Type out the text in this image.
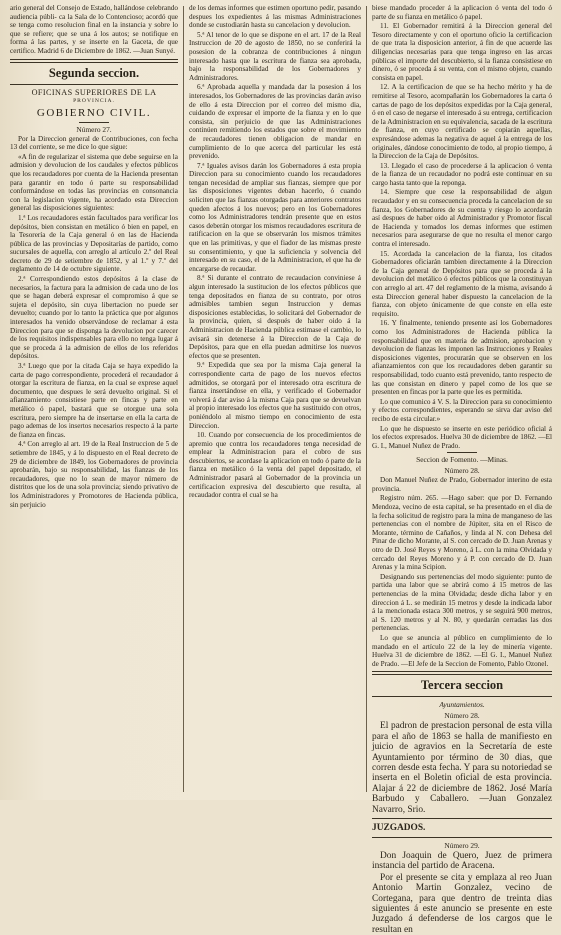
ario general del Consejo de Estado, hallándose celebrando audiencia públi- ca la Sala de lo Contencioso; acordó que se tenga como resolucion final en la instancia y sobre lo que se refiere; que se una á los autos; se notifique en forma á las partes, y se inserte en la Gaceta, de que certifico. Madrid 6 de Diciembre de 1862. —Juan Sunyé.

Segunda seccion.
OFICINAS SUPERIORES DE LA
PROVINCIA.
GOBIERNO CIVIL.
Número 27.

Por la Direccion general de Contribuciones, con fecha 13 del corriente, se me dice lo que sigue:

«A fin de regularizar el sistema que debe seguirse en la admision y devolucion de los caudales y efectos públicos que los recaudadores por cuenta de la Hacienda presentan para garantir en todo ó parte su responsabilidad conformándose en todas las provincias en consonancia con la legislacion vigente, ha acordado esta Direccion general las disposiciones siguientes:

1.ª Los recaudadores están facultados para verificar los depósitos, bien consistan en metálico ó bien en papel, en la Tesorería de la Caja general ó en las de Hacienda pública de las provincias y Depositarías de partido, como sucursales de aquella, con arreglo al artículo 2.º del Real decreto de 29 de setiembre de 1852, y al 1.º y 7.º del reglamento de 14 de octubre siguiente.

2.ª Correspondiendo estos depósitos á la clase de necesarios, la factura para la admision de cada uno de los que se hagan deberá expresar el compromiso á que se sujeta el depósito, sin cuya libertacion no puede ser devuelto; cuando por lo tanto la práctica que por algunos interesados ha venido observándose de reclamar á esta Direccion para que se disponga la devolucion por carecer de los requisitos indispensables para ello no tenga lugar á que se proceda á la admision de ellos de los referidos depósitos.

3.ª Luego que por la citada Caja se haya expedido la carta de pago correspondiente, procederá el recaudador á otorgar la escritura de fianza, en la cual se exprese aquel documento, que despues le será devuelto original. Si el afianzamiento consistiese parte en fincas y parte en metálico ó papel, bastará que se otorgue una sola escritura, pero siempre ha de insertarse en ella la carta de pago ademas de los insertos necesarios respecto á la parte de fianza en fincas.

4.ª Con arreglo al art. 19 de la Real Instruccion de 5 de setiembre de 1845, y á lo dispuesto en el Real decreto de 29 de diciembre de 1849, los Gobernadores de provincia aprobarán, bajo su responsabilidad, las fianzas de los recaudadores, que no lo sean de mayor número de distritos que los de una sola provincia; siendo privativo de los Administradores y Promotores de Hacienda pública, sin perjuicio

de los demas informes que estimen oportuno pedir, pasando despues los expedientes á las mismas Administraciones donde se custodiarán hasta su cancelacion y devolucion.

5.ª Al tenor de lo que se dispone en el art. 17 de la Real Instruccion de 20 de agosto de 1850, no se conferirá la posesion de la cobranza de contribuciones á ningun interesado hasta que la escritura de fianza sea aprobada, bajo la responsabilidad de los Gobernadores y Administradores.

6.ª Aprobada aquella y mandada dar la posesion á los interesados, los Gobernadores de las provincias darán aviso de ello á esta Direccion por el correo del mismo dia, cuidando de expresar el importe de la fianza y en lo que consista, sin perjuicio de que las Administraciones continúen remitiendo los estados que sobre el movimiento de recaudadores tienen obligacion de mandar en cumplimiento de lo que acerca del particular les está prevenido.

7.ª Iguales avisos darán los Gobernadores á esta propia Direccion para su conocimiento cuando los recaudadores tengan necesidad de ampliar sus fianzas, siempre que por las disposiciones vigentes deban hacerlo, ó cuando soliciten que las fianzas otorgadas para anteriores contratos queden afectos á los nuevos; pero en los Gobernadores como los Administradores tendrán presente que en estos casos deberán otorgar los mismos recaudadores escritura de ratificacion en la que se observarán los mismos trámites que en las primitivas, y que el fiador de las mismas preste su consentimiento, y que la suficiencia y solvencia del interesado en su caso, el de la Administracion, el que ha de encargarse de recaudar.

8.ª Si durante el contrato de recaudacion conviniese á algun interesado la sustitucion de los efectos públicos que tenga depositados en fianza de su contrato, por otros admisibles tambien segun Instruccion y demas disposiciones establecidas, lo solicitará del Gobernador de la provincia, quien, si después de haber oido á la Administracion de Hacienda pública estimase el cambio, lo avisará sin detenerse á la Direccion de la Caja de Depósitos, para que en ella puedan admitirse los nuevos efectos que se presenten.

9.ª Expedida que sea por la misma Caja general la correspondiente carta de pago de los nuevos efectos admitidos, se otorgará por el interesado otra escritura de fianza insertándose en ella, y verificado el Gobernador volverá á dar aviso á la misma Caja para que se devuelvan al propio interesado los efectos que ha sustituido con otros, poniéndolo al mismo tiempo en conocimiento de esta Direccion.

10. Cuando por consecuencia de los procedimientos de apremio que contra los recaudadores tenga necesidad de emplear la Administracion para el cobro de sus descubiertos, se acordase la aplicacion en todo ó parte de la fianza en metálico ó la venta del papel depositado, el Administrador pasará al Gobernador de la provincia un certificacion expresiva del descubierto que resulta, al recaudador contra el cual se ha

biese mandado proceder á la aplicacion ó venta del todo ó parte de su fianza en metálico ó papel.

11. El Gobernador remitirá á la Direccion general del Tesoro directamente y con el oportuno oficio la certificacion de que trata la disposicion anterior, á fin de que acuerde las diligencias necesarias para que tenga ingreso en las arcas públicas el importe del descubierto, si la fianza consistiese en dinero, ó se proceda á su venta, con el mismo objeto, cuando consista en papel.

12. A la certificacion de que se ha hecho mérito y ha de remitirse al Tesoro, acompañarán los Gobernadores la carta ó cartas de pago de los depósitos expedidas por la Caja general, ó en el caso de negarse el interesado á su entrega, certificacion de la Administracion en su equivalencia, sacada de la escritura de fianza, en cuyo certificado se copiarán aquellas, expresándose ademas la negativa de aquel á la entrega de los originales, dándose conocimiento de todo, al propio tiempo, á la Direccion de la Caja de Depósitos.

13. Llegado el caso de procederse á la aplicacion ó venta de la fianza de un recaudador no podrá este continuar en su cargo hasta tanto que la reponga.

14. Siempre que cese la responsabilidad de algun recaudador y en su consecuencia proceda la cancelacion de su fianza, los Gobernadores de su cuenta y riesgo lo acordarán así despues de haber oido al Administrador y Promotor fiscal de Hacienda y tomados los demas informes que estimen necesarios para asegurarse de que no resulta el menor cargo contra el interesado.

15. Acordada la cancelacion de la fianza, los citados Gobernadores oficiarán tambien directamente á la Direccion de la Caja general de Depósitos para que se proceda á la devolucion del metálico ó efectos públicos que la constituyan con arreglo al art. 47 del reglamento de la misma, avisando á esta Direccion general haber dispuesto la cancelacion de la fianza, con objeto únicamente de que conste en ella este requisito.

16. Y finalmente, teniendo presente así los Gobernadores como los Administradores de Hacienda pública la responsabilidad que en materia de admision, aprobacion y devolucion de fianzas les imponen las Instrucciones y Reales disposiciones vigentes, procurarán que se observen en los afianzamientos con que los recaudadores deben garantir su responsabilidad, todo cuanto está prevenido, tanto respecto de las que consistan en dinero y papel como de los que se presenten en fincas por la parte que les es permitida.

Lo que comunico á V. S. la Direccion para su conocimiento y efectos correspondientes, esperando se sirva dar aviso del recibo de esta circular.»

Lo que he dispuesto se inserte en este periódico oficial á los efectos expresados. Huelva 30 de diciembre de 1862. —El G. I., Manuel Nuñez de Prado.

Seccion de Fomento. —Minas.
Número 28.

Don Manuel Nuñez de Prado, Gobernador interino de esta provincia.

Registro núm. 265. —Hago saber: que por D. Fernando Mendoza, vecino de esta capital, se ha presentado en el dia de la fecha solicitud de registro para la mina de manganeso de las pertenencias con el nombre de Júpiter, sita en el Risco de Morante, término de Cañaños, y linda al N. con Dehesa del Pinar de dicho Morante, al S. con cercado de D. Juan Arenas y otro de D. José Reyes y Moreno, á L. con la mina Olvidada y cercado del Reyes Moreno y á P. con cercado de D. Juan Arenas y la mina Scipion.

Designando sus pertenencias del modo siguiente: punto de partida una labor que se abrirá como á 15 metros de las pertenencias de la mina Olvidada; desde dicha labor y en direccion á L. se medirán 15 metros y desde la indicada labor á la mencionada estaca 300 metros, y se seguirá 900 metros, al S. 120 metros y al N. 80, y quedarán cerradas las dos pertenencias.

Lo que se anuncia al público en cumplimiento de lo mandado en el artículo 22 de la ley de minería vigente. Huelva 31 de diciembre de 1862. —El G. I., Manuel Nuñez de Prado. —El Jefe de la Seccion de Fomento, Pablo Ozonel.

Tercera seccion
Ayuntamientos.
Número 28.

El padron de prestacion personal de esta villa para el año de 1863 se halla de manifiesto en juicio de agravios en la Secretaría de este Ayuntamiento por término de 30 dias, que corren desde esta fecha. Y para su notoriedad se inserta en el Boletin oficial de esta provincia. Alajar á 22 de diciembre de 1862. José María Barbudo y Caballero. —Juan Gonzalez Navarro, Srio.

JUZGADOS.
Número 29.

Don Joaquin de Quero, Juez de primera instancia del partido de Aracena.

Por el presente se cita y emplaza al reo Juan Antonio Martin Gonzalez, vecino de Cortegana, para que dentro de treinta dias siguientes á este anuncio se presente en este Juzgado á defenderse de los cargos que le resultan en
